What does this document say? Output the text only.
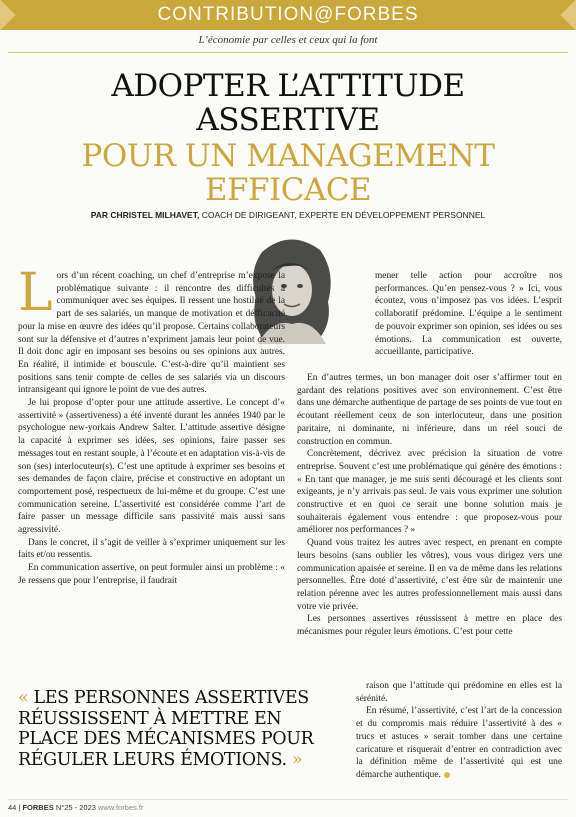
CONTRIBUTION@FORBES
L’économie par celles et ceux qui la font
ADOPTER L’ATTITUDE
ASSERTIVE
POUR UN MANAGEMENT
EFFICACE
PAR CHRISTEL MILHAVET, COACH DE DIRIGEANT, EXPERTE EN DÉVELOPPEMENT PERSONNEL

Lors d’un récent coaching, un chef d’entreprise m’expose la problématique suivante : il rencontre des difficultés à communiquer avec ses équipes. Il ressent une hostilité de la part de ses salariés, un manque de motivation et défficacité pour la mise en œuvre des idées qu’il propose. Certains collaborateurs sont sur la défensive et d’autres n’expriment jamais leur point de vue. Il doit donc agir en imposant ses besoins ou ses opinions aux autres. En réalité, il intimide et bouscule. C’est-à-dire qu’il maintient ses positions sans tenir compte de celles de ses salariés via un discours intransigeant qui ignore le point de vue des autres.

Je lui propose d’opter pour une attitude assertive. Le concept d’« assertivité » (assertiveness) a été inventé durant les années 1940 par le psychologue new-yorkais Andrew Salter. L’attitude assertive désigne la capacité à exprimer ses idées, ses opinions, faire passer ses messages tout en restant souple, à l’écoute et en adaptation vis-à-vis de son (ses) interlocuteur(s). C’est une aptitude à exprimer ses besoins et ses demandes de façon claire, précise et constructive en adoptant un comportement posé, respectueux de lui-même et du groupe. C’est une communication sereine. L’assertivité est considérée comme l’art de faire passer un message difficile sans passivité mais aussi sans agressivité.

Dans le concret, il s’agit de veiller à s’exprimer uniquement sur les faits et/ou ressentis.

En communication assertive, on peut formuler ainsi un problème : « Je ressens que pour l’entreprise, il faudrait

mener telle action pour accroître nos performances. Qu’en pensez-vous ? » Ici, vous écoutez, vous n’imposez pas vos idées. L’esprit collaboratif prédomine. L’équipe a le sentiment de pouvoir exprimer son opinion, ses idées ou ses émotions. La communication est ouverte, accueillante, participative.

En d’autres termes, un bon manager doit oser s’affirmer tout en gardant des relations positives avec son environnement. C’est être dans une démarche authentique de partage de ses points de vue tout en écoutant réellement ceux de son interlocuteur, dans une position paritaire, ni dominante, ni inférieure, dans un réel souci de construction en commun.

Concrètement, décrivez avec précision la situation de votre entreprise. Souvent c’est une problématique qui génère des émotions : « En tant que manager, je me suis senti découragé et les clients sont exigeants, je n’y arrivais pas seul. Je vais vous exprimer une solution constructive et en quoi ce serait une bonne solution mais je souhaiterais également vous entendre : que proposez-vous pour améliorer nos performances ? »

Quand vous traitez les autres avec respect, en prenant en compte leurs besoins (sans oublier les vôtres), vous vous dirigez vers une communication apaisée et sereine. Il en va de même dans les relations personnelles. Être doté d’assertivité, c’est être sûr de maintenir une relation pérenne avec les autres professionnellement mais aussi dans votre vie privée.

Les personnes assertives réussissent à mettre en place des mécanismes pour réguler leurs émotions. C’est pour cette

« LES PERSONNES ASSERTIVES RÉUSSISSENT À METTRE EN PLACE DES MÉCANISMES POUR RÉGULER LEURS ÉMOTIONS. »

raison que l’attitude qui prédomine en elles est la sérénité.

En résumé, l’assertivité, c’est l’art de la concession et du compromis mais réduire l’assertivité à des « trucs et astuces » serait tomber dans une certaine caricature et risquerait d’entrer en contradiction avec la définition même de l’assertivité qui est une démarche authentique.

44 | FORBES N°25 - 2023 www.forbes.fr
